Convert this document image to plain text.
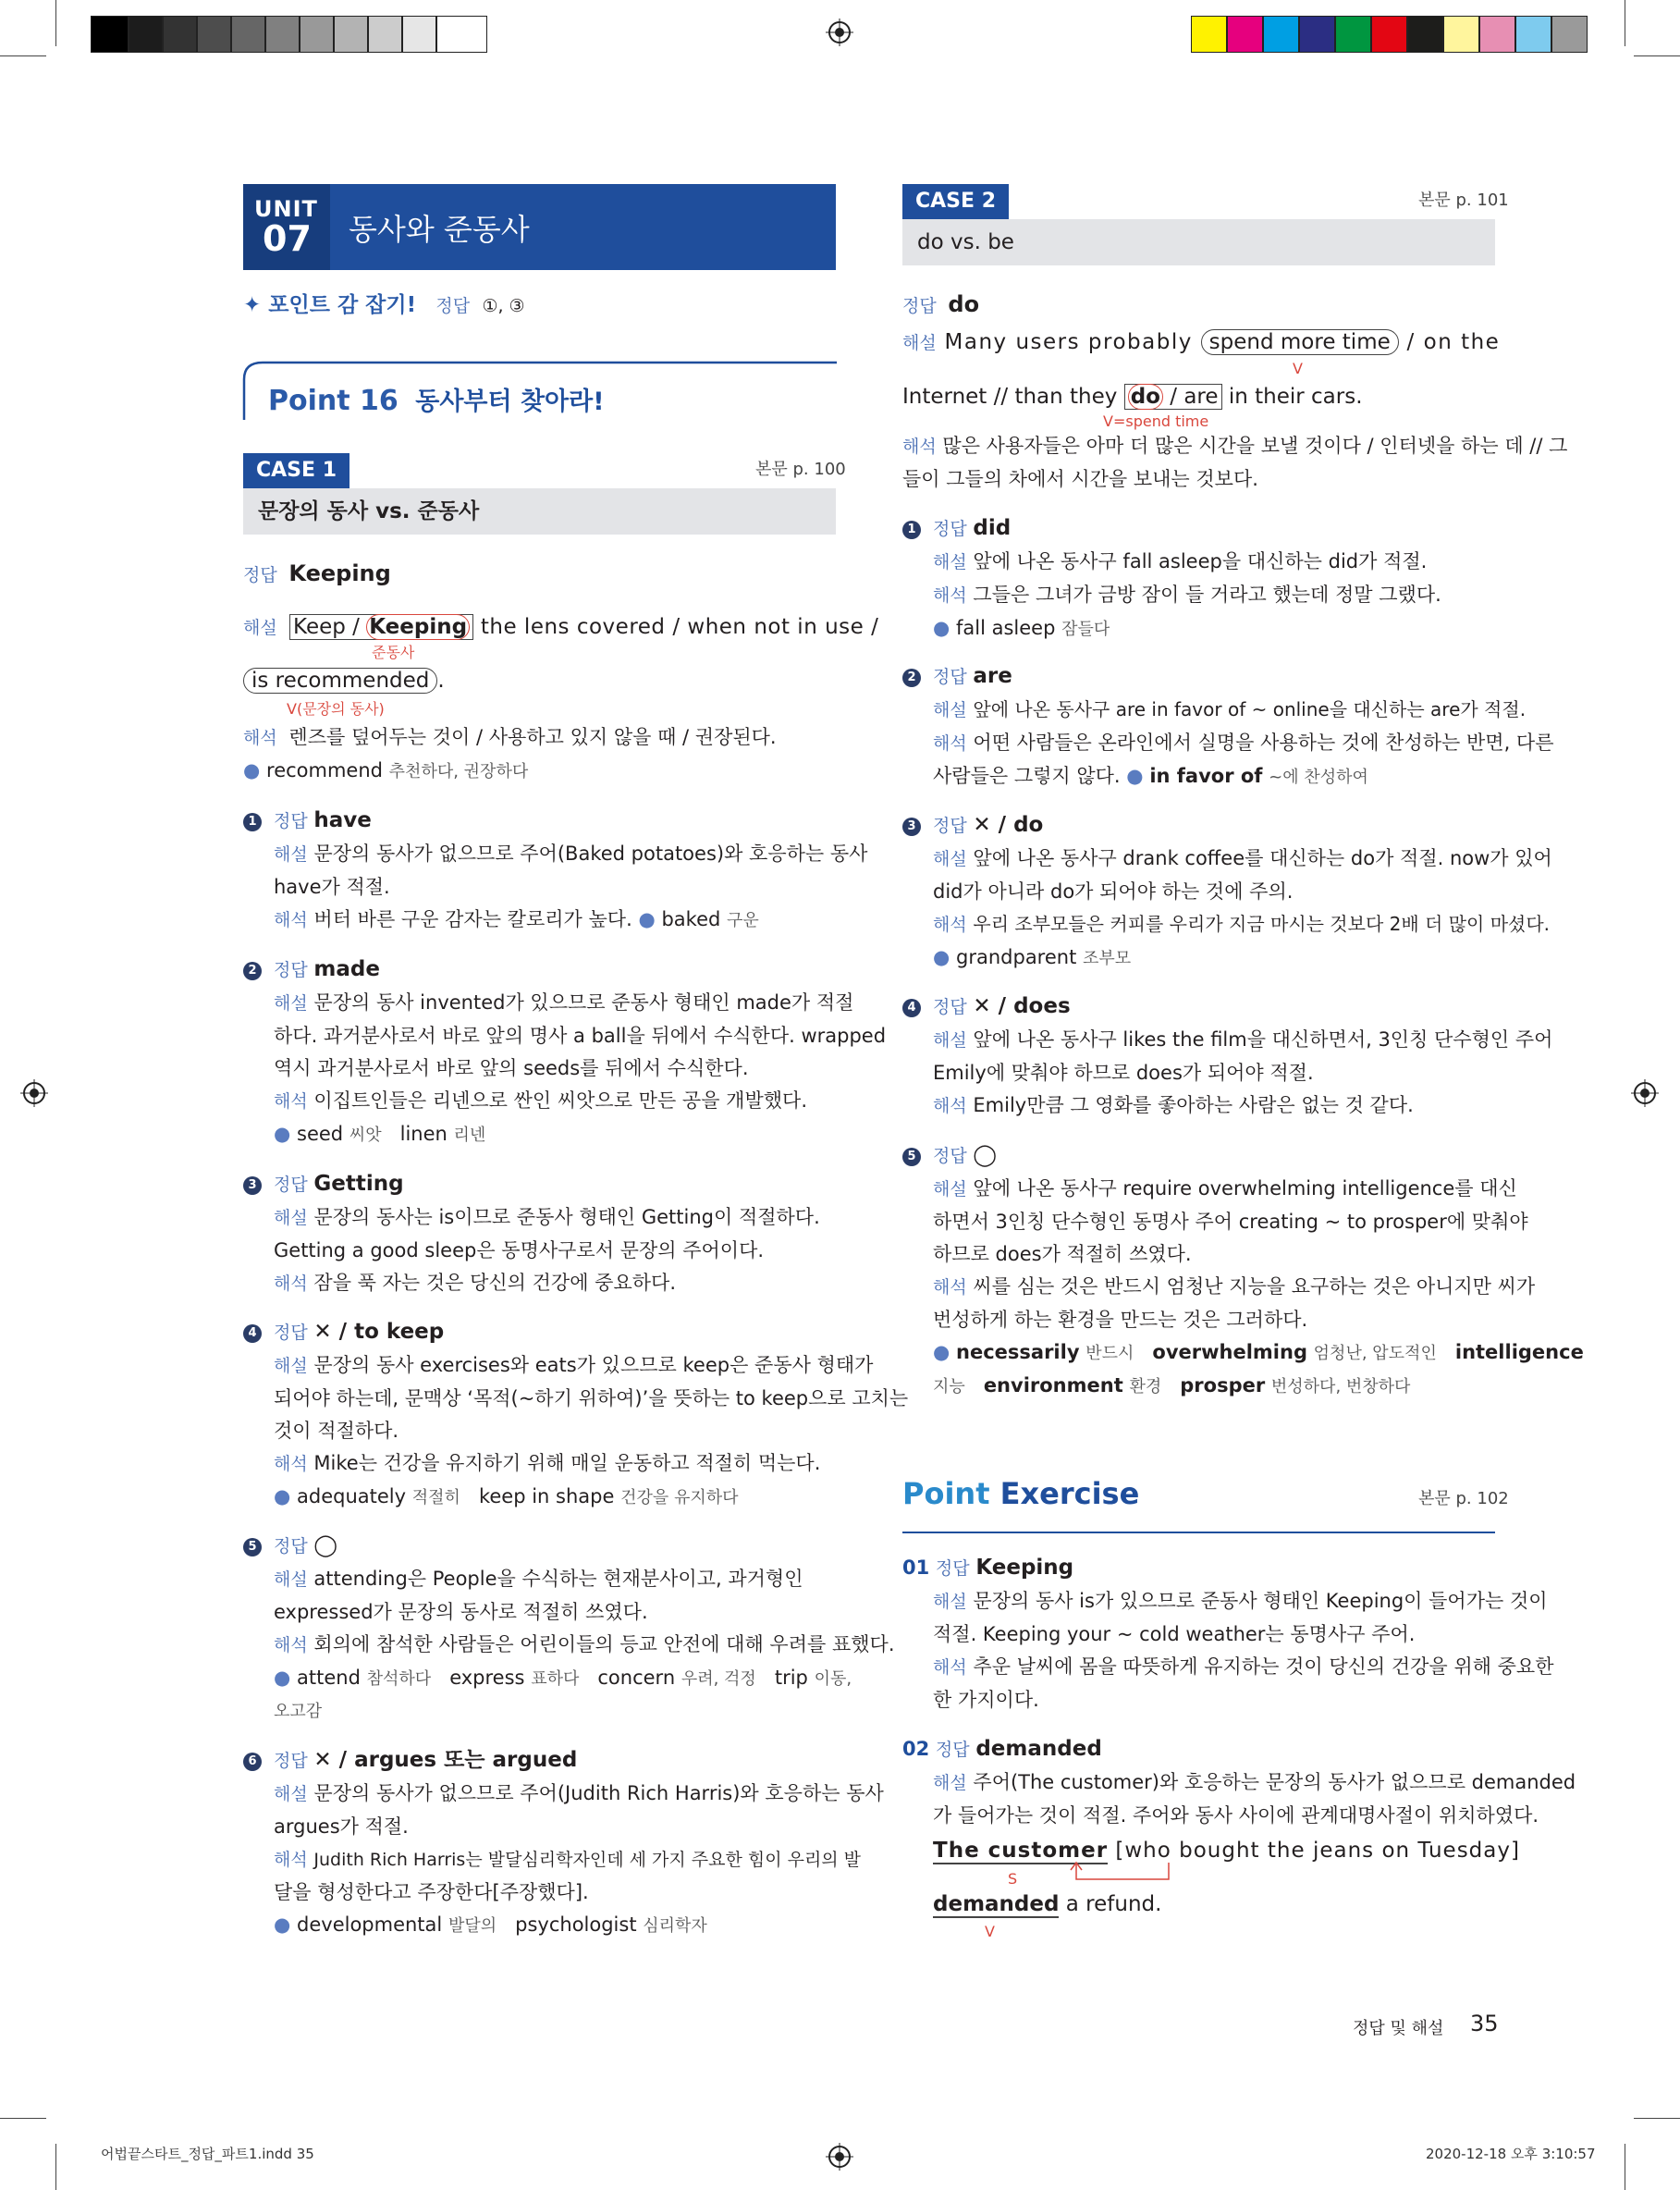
UNIT
07 동사와 준동사
✦ 포인트 감 잡기! 정답 ①, ③
Point 16 동사부터 찾아라!
CASE 1	본문 p. 100
문장의 동사 vs. 준동사
정답 Keeping
해설 Keep / Keeping the lens covered / when not in use /
준동사
is recommended .
V(문장의 동사)
해석 렌즈를 덮어두는 것이 / 사용하고 있지 않을 때 / 권장된다.
● recommend 추천하다, 권장하다
1 정답 have
해설 문장의 동사가 없으므로 주어(Baked potatoes)와 호응하는 동사
have가 적절.
해석 버터 바른 구운 감자는 칼로리가 높다. ● baked 구운
2 정답 made
해설 문장의 동사 invented가 있으므로 준동사 형태인 made가 적절
하다. 과거분사로서 바로 앞의 명사 a ball을 뒤에서 수식한다. wrapped
역시 과거분사로서 바로 앞의 seeds를 뒤에서 수식한다.
해석 이집트인들은 리넨으로 싼인 씨앗으로 만든 공을 개발했다.
● seed 씨앗 linen 리넨
3 정답 Getting
해설 문장의 동사는 is이므로 준동사 형태인 Getting이 적절하다.
Getting a good sleep은 동명사구로서 문장의 주어이다.
해석 잠을 푹 자는 것은 당신의 건강에 중요하다.
4 정답 ✕ / to keep
해설 문장의 동사 exercises와 eats가 있으므로 keep은 준동사 형태가
되어야 하는데, 문맥상 ‘목적(~하기 위하여)’을 뜻하는 to keep으로 고치는
것이 적절하다.
해석 Mike는 건강을 유지하기 위해 매일 운동하고 적절히 먹는다.
● adequately 적절히 keep in shape 건강을 유지하다
5 정답 ◯
해설 attending은 People을 수식하는 현재분사이고, 과거형인
expressed가 문장의 동사로 적절히 쓰였다.
해석 회의에 참석한 사람들은 어린이들의 등교 안전에 대해 우려를 표했다.
● attend 참석하다 express 표하다 concern 우려, 걱정 trip 이동,
오고감
6 정답 ✕ / argues 또는 argued
해설 문장의 동사가 없으므로 주어(Judith Rich Harris)와 호응하는 동사
argues가 적절.
해석 Judith Rich Harris는 발달심리학자인데 세 가지 주요한 힘이 우리의 발
달을 형성한다고 주장한다[주장했다].
● developmental 발달의 psychologist 심리학자
CASE 2	본문 p. 101
do vs. be
정답 do
해설 Many users probably spend more time / on the
V
Internet // than they do / are in their cars.
V=spend time
해석 많은 사용자들은 아마 더 많은 시간을 보낼 것이다 / 인터넷을 하는 데 // 그
들이 그들의 차에서 시간을 보내는 것보다.
1 정답 did
해설 앞에 나온 동사구 fall asleep을 대신하는 did가 적절.
해석 그들은 그녀가 금방 잠이 들 거라고 했는데 정말 그랬다.
● fall asleep 잠들다
2 정답 are
해설 앞에 나온 동사구 are in favor of ~ online을 대신하는 are가 적절.
해석 어떤 사람들은 온라인에서 실명을 사용하는 것에 찬성하는 반면, 다른
사람들은 그렇지 않다. ● in favor of ~에 찬성하여
3 정답 ✕ / do
해설 앞에 나온 동사구 drank coffee를 대신하는 do가 적절. now가 있어
did가 아니라 do가 되어야 하는 것에 주의.
해석 우리 조부모들은 커피를 우리가 지금 마시는 것보다 2배 더 많이 마셨다.
● grandparent 조부모
4 정답 ✕ / does
해설 앞에 나온 동사구 likes the film을 대신하면서, 3인칭 단수형인 주어
Emily에 맞춰야 하므로 does가 되어야 적절.
해석 Emily만큼 그 영화를 좋아하는 사람은 없는 것 같다.
5 정답 ◯
해설 앞에 나온 동사구 require overwhelming intelligence를 대신
하면서 3인칭 단수형인 동명사 주어 creating ~ to prosper에 맞춰야
하므로 does가 적절히 쓰였다.
해석 씨를 심는 것은 반드시 엄청난 지능을 요구하는 것은 아니지만 씨가
번성하게 하는 환경을 만드는 것은 그러하다.
● necessarily 반드시 overwhelming 엄청난, 압도적인 intelligence
지능 environment 환경 prosper 번성하다, 번창하다
Point Exercise	본문 p. 102
01 정답 Keeping
해설 문장의 동사 is가 있으므로 준동사 형태인 Keeping이 들어가는 것이
적절. Keeping your ~ cold weather는 동명사구 주어.
해석 추운 날씨에 몸을 따뜻하게 유지하는 것이 당신의 건강을 위해 중요한
한 가지이다.
02 정답 demanded
해설 주어(The customer)와 호응하는 문장의 동사가 없으므로 demanded
가 들어가는 것이 적절. 주어와 동사 사이에 관계대명사절이 위치하였다.
The customer [who bought the jeans on Tuesday]
S
demanded a refund.
V
정답 및 해설 35
어법끝스타트_정답_파트1.indd 35	2020-12-18 오후 3:10:57
